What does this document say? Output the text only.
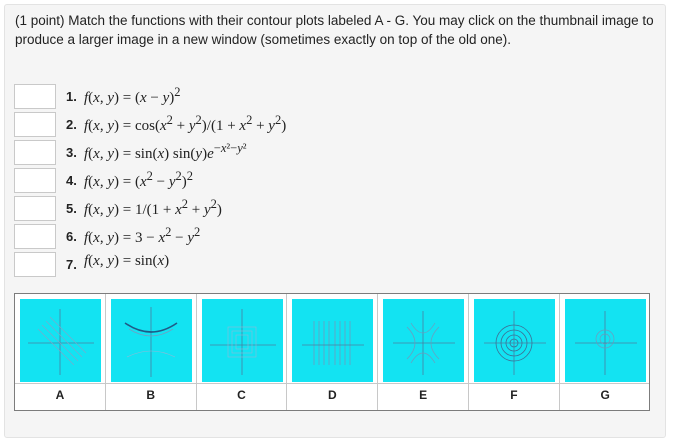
(1 point) Match the functions with their contour plots labeled A - G. You may click on the thumbnail image to produce a larger image in a new window (sometimes exactly on top of the old one).
1. f(x, $y) = (x - y)^2$
2. f(x, $y) = \cos(x^2 + y^2)/(1 + x^2 + y^2)$
3. f(x, y) = sin(x) $\sin(y)e^{-x^2-y^2}$
4. f(x, $y) = (x^2 - y^2)^2$
5. f(x, $y) = 1/(1 + x^2 + y^2)$
6. f(x, $y) = 3 - x^2 - y^2$
7. f(x, y) = sin(x)
A	B	C	D	E	F	G
